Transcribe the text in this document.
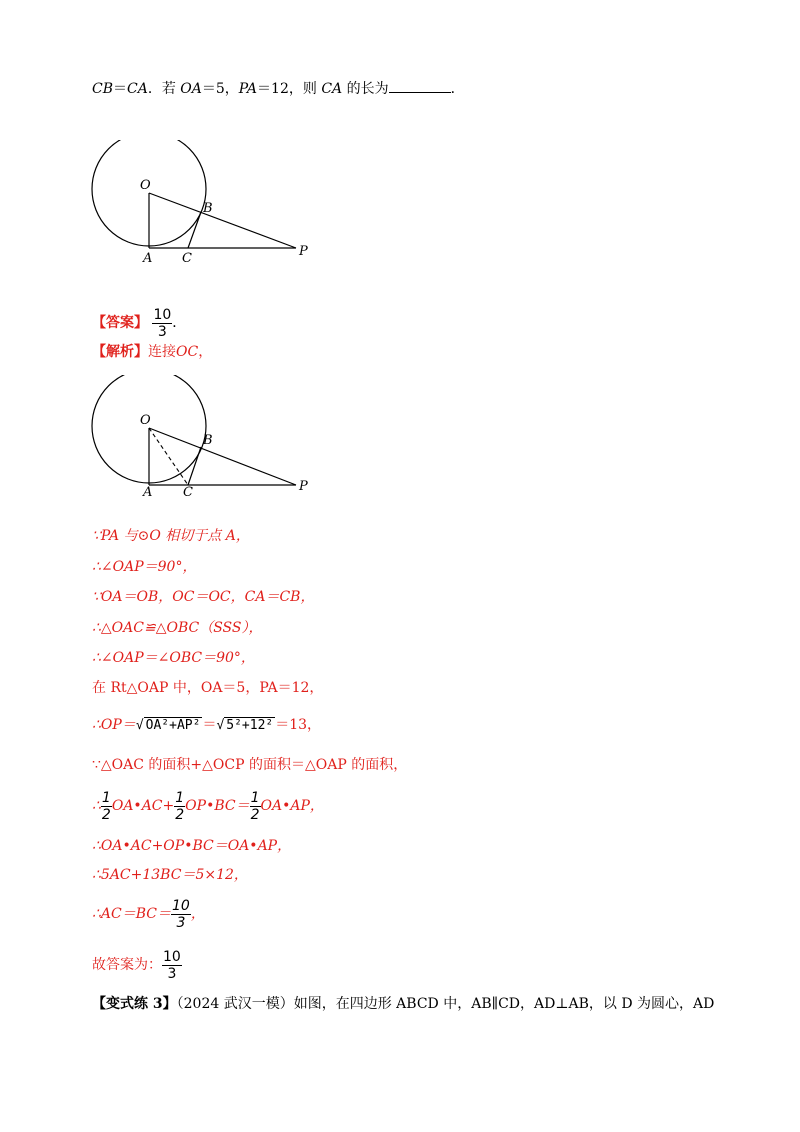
CB＝CA．若 OA＝5，PA＝12，则 CA 的长为	．
O
B
A C	P
【答案】 $\frac{10}{3}$ ．
【解析】连接OC，
O
B
A C	P
∵PA 与⊙O 相切于点 A，
∴∠OAP＝90°，
∵OA＝OB，OC＝OC，CA＝CB，
∴△OAC≌△OBC（SSS），
∴∠OAP＝∠OBC＝90°，
在 Rt△OAP 中，OA＝5，PA＝12，
∴OP＝√ OA²+AP² ＝√ 5²+12² ＝13，
∵△OAC 的面积+△OCP 的面积＝△OAP 的面积，
∴ $\frac{1}{2}$ OA•AC+ $\frac{1}{2}$ OP•BC＝ $\frac{1}{2}$ OA•AP，
∴OA•AC+OP•BC＝OA•AP，
∴5AC+13BC＝5×12，
∴AC＝BC＝ $\frac{10}{3}$ ，
故答案为： $\frac{10}{3}$
【变式练 3】（2024 武汉一模）如图，在四边形 ABCD 中，AB∥CD，AD⊥AB，以 D 为圆心，AD
